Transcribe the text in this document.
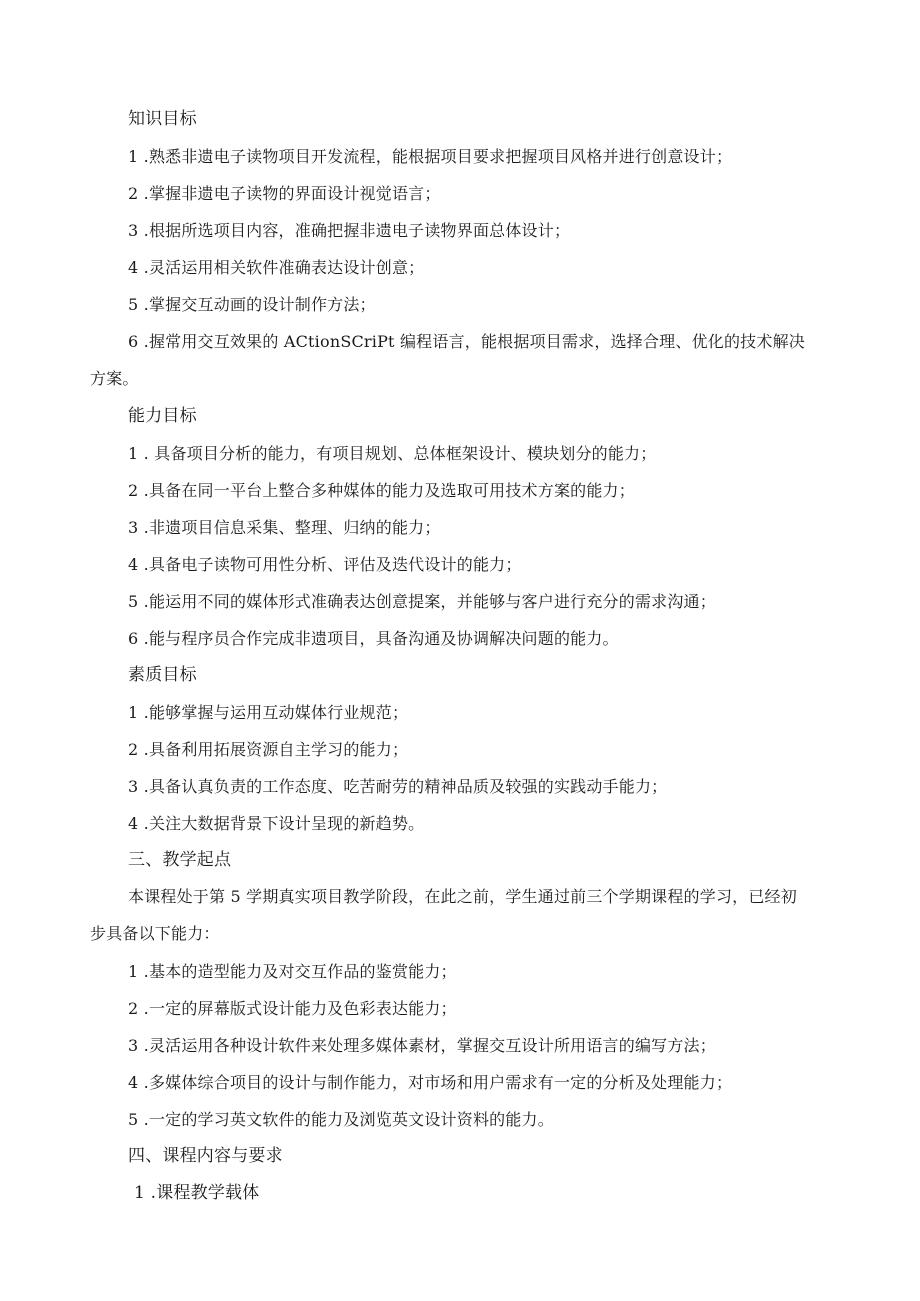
知识目标
1 .熟悉非遗电子读物项目开发流程，能根据项目要求把握项目风格并进行创意设计；
2 .掌握非遗电子读物的界面设计视觉语言；
3 .根据所选项目内容，准确把握非遗电子读物界面总体设计；
4 .灵活运用相关软件准确表达设计创意；
5 .掌握交互动画的设计制作方法；
6 .握常用交互效果的 ACtionSCriPt 编程语言，能根据项目需求，选择合理、优化的技术解决
方案。
能力目标
1 . 具备项目分析的能力，有项目规划、总体框架设计、模块划分的能力；
2 .具备在同一平台上整合多种媒体的能力及选取可用技术方案的能力；
3 .非遗项目信息采集、整理、归纳的能力；
4 .具备电子读物可用性分析、评估及迭代设计的能力；
5 .能运用不同的媒体形式准确表达创意提案，并能够与客户进行充分的需求沟通；
6 .能与程序员合作完成非遗项目，具备沟通及协调解决问题的能力。
素质目标
1 .能够掌握与运用互动媒体行业规范；
2 .具备利用拓展资源自主学习的能力；
3 .具备认真负责的工作态度、吃苦耐劳的精神品质及较强的实践动手能力；
4 .关注大数据背景下设计呈现的新趋势。
三、教学起点
本课程处于第 5 学期真实项目教学阶段，在此之前，学生通过前三个学期课程的学习，已经初
步具备以下能力：
1 .基本的造型能力及对交互作品的鉴赏能力；
2 .一定的屏幕版式设计能力及色彩表达能力；
3 .灵活运用各种设计软件来处理多媒体素材，掌握交互设计所用语言的编写方法；
4 .多媒体综合项目的设计与制作能力，对市场和用户需求有一定的分析及处理能力；
5 .一定的学习英文软件的能力及浏览英文设计资料的能力。
四、课程内容与要求
1 .课程教学载体
